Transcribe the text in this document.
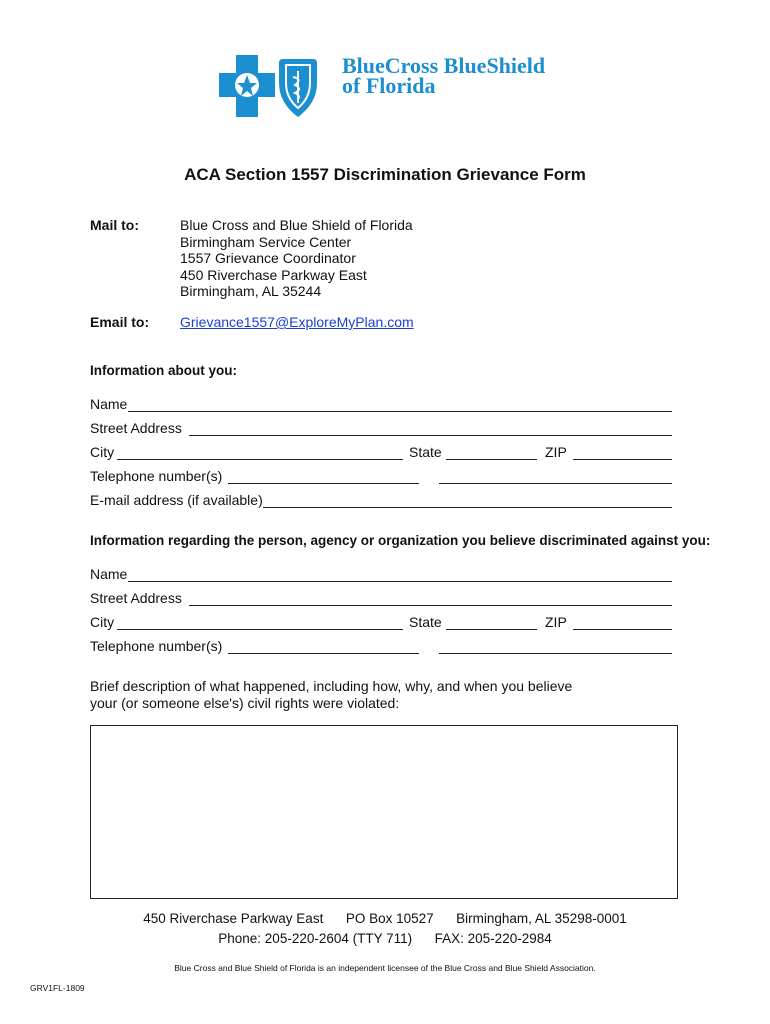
BlueCross BlueShield
of Florida
ACA Section 1557 Discrimination Grievance Form
Mail to:	Blue Cross and Blue Shield of Florida
Birmingham Service Center
1557 Grievance Coordinator
450 Riverchase Parkway East
Birmingham, AL 35244
Email to: Grievance1557@ExploreMyPlan.com
Information about you:
Name
Street Address
City	State	ZIP
Telephone number(s)
E-mail address (if available)
Information regarding the person, agency or organization you believe discriminated against you:
Name
Street Address
City	State	ZIP
Telephone number(s)
Brief description of what happened, including how, why, and when you believe
your (or someone else's) civil rights were violated:
450 Riverchase Parkway East      PO Box 10527      Birmingham, AL 35298-0001
Phone: 205-220-2604 (TTY 711)      FAX: 205-220-2984
Blue Cross and Blue Shield of Florida is an independent licensee of the Blue Cross and Blue Shield Association.
GRV1FL-1809
